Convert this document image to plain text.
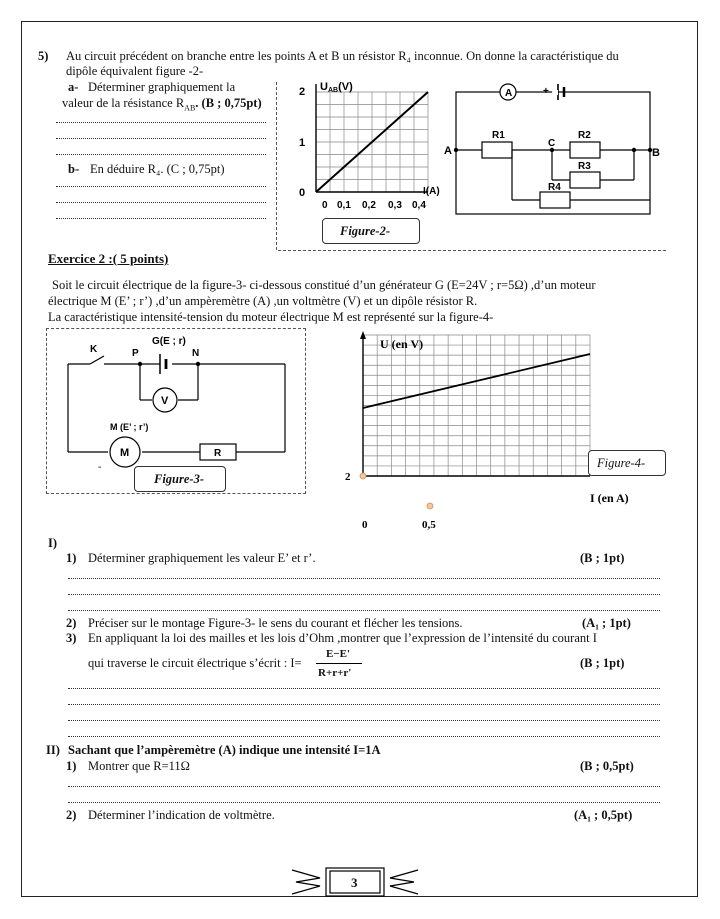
5) Au circuit précédent on branche entre les points A et B un résistor R₄ inconnue. On donne la caractéristique du
dipôle équivalent figure -2-
a- Déterminer graphiquement la
valeur de la résistance $R_{AB}$. (B ; 0,75pt)
b- En déduire R₄. (C ; 0,75pt)
2
1
0
UAB(V)
0 0,1 0,2 0,3 0,4
I(A)
Figure-2-
A	+
A	B
C
R1	R2
R3
R4
Exercice 2 :( 5 points)
Soit le circuit électrique de la figure-3- ci-dessous constitué d’un générateur G (E=24V ; r=5Ω) ,d’un moteur
électrique M (E’ ; r’) ,d’un ampèremètre (A) ,un voltmètre (V) et un dipôle résistor R.
La caractéristique intensité-tension du moteur électrique M est représenté sur la figure-4-
K	P	N
G(E ; r)
V
M (E’ ; r’)
M	R
-
Figure-3-
U (en V)
2
0	0,5
I (en A)
Figure-4-
I)
1) Déterminer graphiquement les valeur E’ et r’.	(B ; 1pt)
2) Préciser sur le montage Figure-3- le sens du courant et flécher les tensions.	(A₁ ; 1pt)
3) En appliquant la loi des mailles et les lois d’Ohm ,montrer que l’expression de l’intensité du courant I
qui traverse le circuit électrique s’écrit : I=
E−E'
R+r+r'
(B ; 1pt)
II) Sachant que l’ampèremètre (A) indique une intensité I=1A
1) Montrer que R=11Ω	(B ; 0,5pt)
2) Déterminer l’indication de voltmètre.	(A₁ ; 0,5pt)
3
